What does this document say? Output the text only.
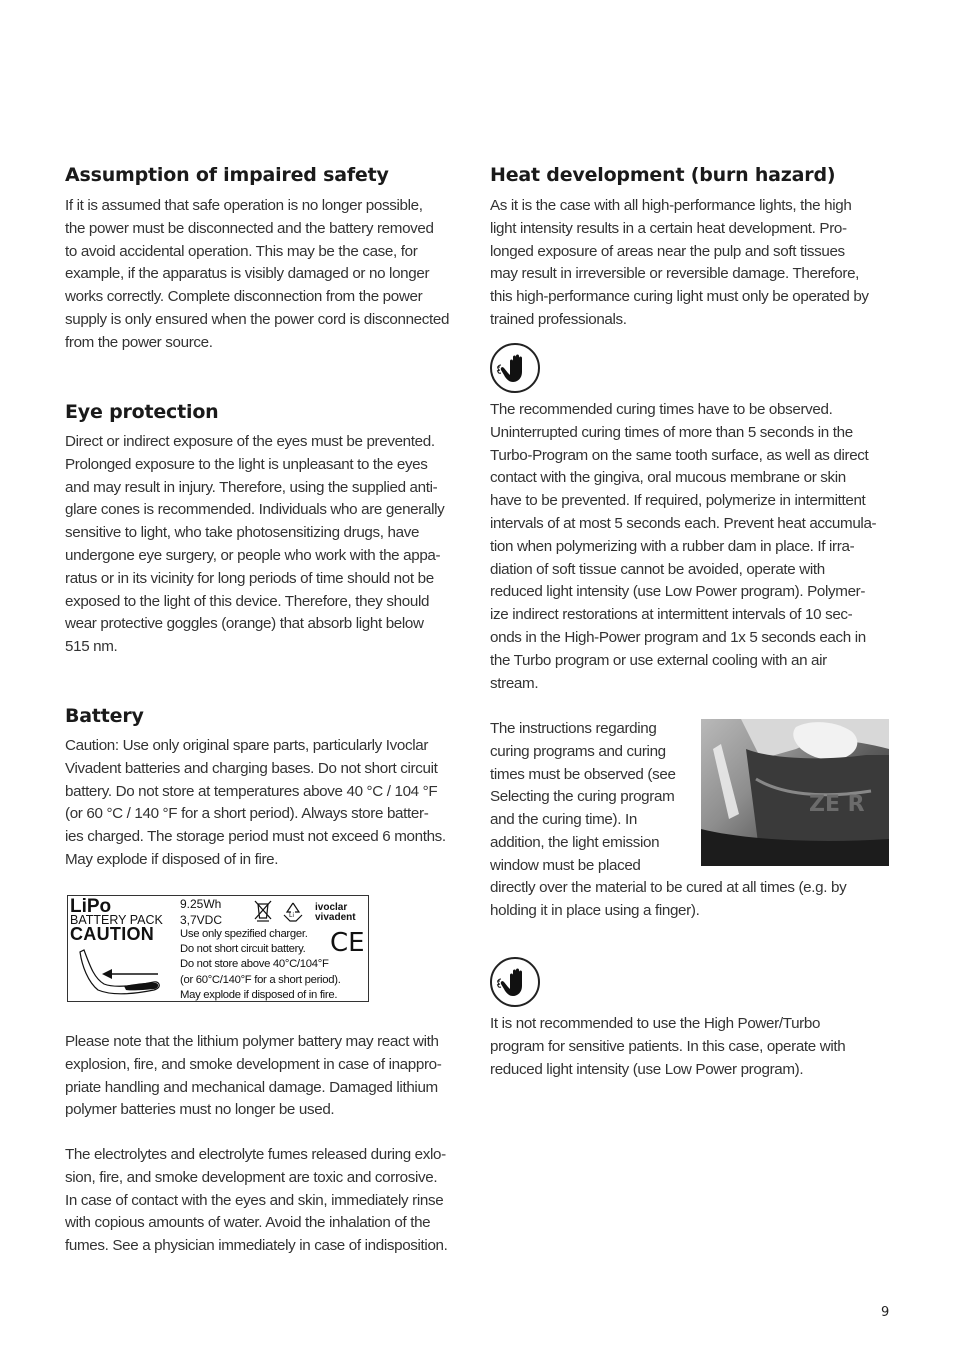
Assumption of impaired safety

If it is assumed that safe operation is no longer possible,
the power must be disconnected and the battery removed
to avoid accidental operation. This may be the case, for
example, if the apparatus is visibly damaged or no longer
works correctly. Complete disconnection from the power
supply is only ensured when the power cord is disconnected
from the power source.

Eye protection

Direct or indirect exposure of the eyes must be prevented.
Prolonged exposure to the light is unpleasant to the eyes
and may result in injury. Therefore, using the supplied anti-
glare cones is recommended. Individuals who are generally
sensitive to light, who take photosensitizing drugs, have
undergone eye surgery, or people who work with the appa-
ratus or in its vicinity for long periods of time should not be
exposed to the light of this device. Therefore, they should
wear protective goggles (orange) that absorb light below
515 nm.

Battery

Caution: Use only original spare parts, particularly Ivoclar
Vivadent batteries and charging bases. Do not short circuit
battery. Do not store at temperatures above 40 °C / 104 °F
(or 60 °C / 140 °F for a short period). Always store batter-
ies charged. The storage period must not exceed 6 months.
May explode if disposed of in fire.

LiPo
BATTERY PACK
CAUTION
9.25Wh
3,7VDC	Li
ivoclar
vivadent
CE
Use only spezified charger.
Do not short circuit battery.
Do not store above 40°C/104°F
(or 60°C/140°F for a short period).
May explode if disposed of in fire.

Please note that the lithium polymer battery may react with
explosion, fire, and smoke development in case of inappro-
priate handling and mechanical damage. Damaged lithium
polymer batteries must no longer be used.

The electrolytes and electrolyte fumes released during exlo-
sion, fire, and smoke development are toxic and corrosive.
In case of contact with the eyes and skin, immediately rinse
with copious amounts of water. Avoid the inhalation of the
fumes. See a physician immediately in case of indisposition.

Heat development (burn hazard)

As it is the case with all high-performance lights, the high
light intensity results in a certain heat development. Pro-
longed exposure of areas near the pulp and soft tissues
may result in irreversible or reversible damage. Therefore,
this high-performance curing light must only be operated by
trained professionals.

The recommended curing times have to be observed.
Uninterrupted curing times of more than 5 seconds in the
Turbo-Program on the same tooth surface, as well as direct
contact with the gingiva, oral mucous membrane or skin
have to be prevented. If required, polymerize in intermittent
intervals of at most 5 seconds each. Prevent heat accumula-
tion when polymerizing with a rubber dam in place. If irra-
diation of soft tissue cannot be avoided, operate with
reduced light intensity (use Low Power program). Polymer-
ize indirect restorations at intermittent intervals of 10 sec-
onds in the High-Power program and 1x 5 seconds each in
the Turbo program or use external cooling with an air
stream.

The instructions regarding
curing programs and curing
times must be observed (see
Selecting the curing program
and the curing time). In
addition, the light emission
window must be placed

directly over the material to be cured at all times (e.g. by
holding it in place using a finger).

ZE R

It is not recommended to use the High Power/Turbo
program for sensitive patients. In this case, operate with
reduced light intensity (use Low Power program).

9
